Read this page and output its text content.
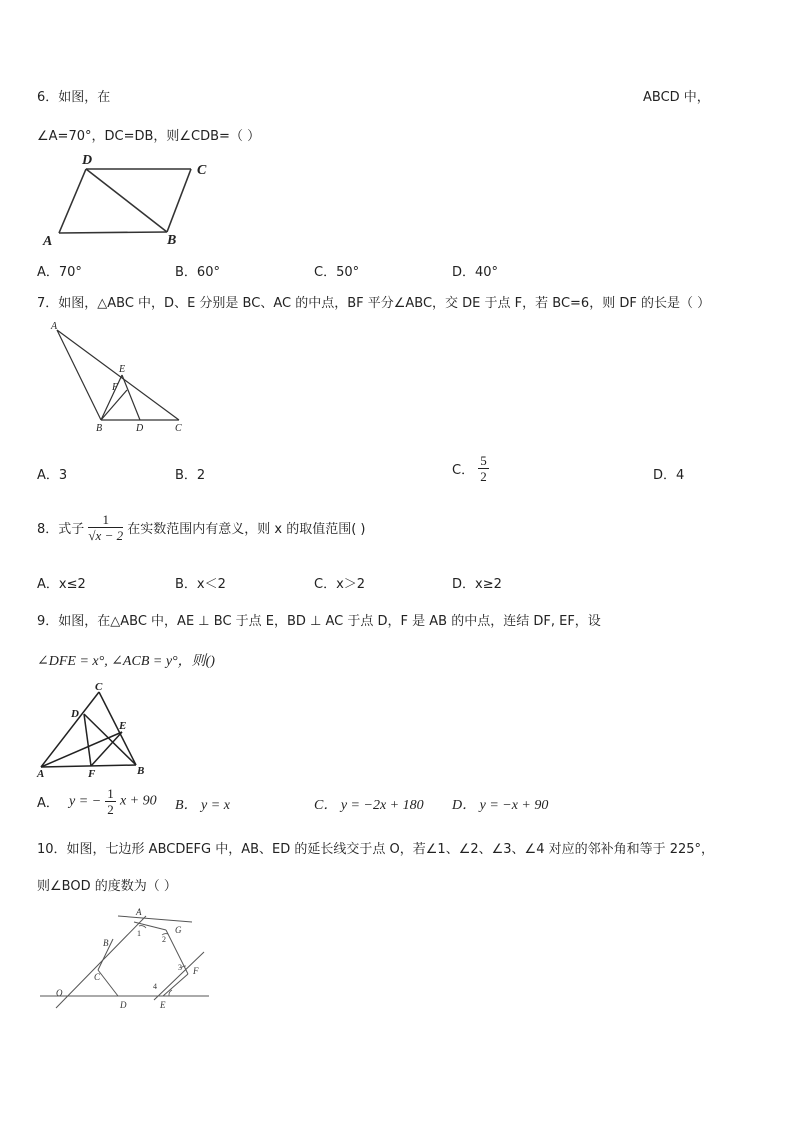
6．如图，在	ABCD 中，
∠A=70°，DC=DB，则∠CDB=（ ）
D
C
A	B
A．70°	B．60°	C．50°	D．40°
7．如图，△ABC 中，D、E 分别是 BC、AC 的中点，BF 平分∠ABC，交 DE 于点 F，若 BC=6，则 DF 的长是（ ）
A
E
F
B	D	C
A．3	B．2	C． $\frac{5}{2}$	D．4
8．式子 $\frac{1}{√x - 2}$ 在实数范围内有意义，则 x 的取值范围( )
A．x≤2	B．x＜2	C．x＞2	D．x≥2
9．如图，在△ABC 中，AE ⊥ BC 于点 E，BD ⊥ AC 于点 D，F 是 AB 的中点，连结 DF, EF，设
∠DFE = x°, ∠ACB = y°，则()
C
D
E
A	F	B
A． y = − $\frac{1}{2}$ x + 90 B． y = x	C． y = −2x + 180 D． y = −x + 90
10．如图，七边形 ABCDEFG 中，AB、ED 的延长线交于点 O，若∠1、∠2、∠3、∠4 对应的邻补角和等于 225°，
则∠BOD 的度数为（ ）
A
G
B
F
C
O
D	E
1
2
3
4
